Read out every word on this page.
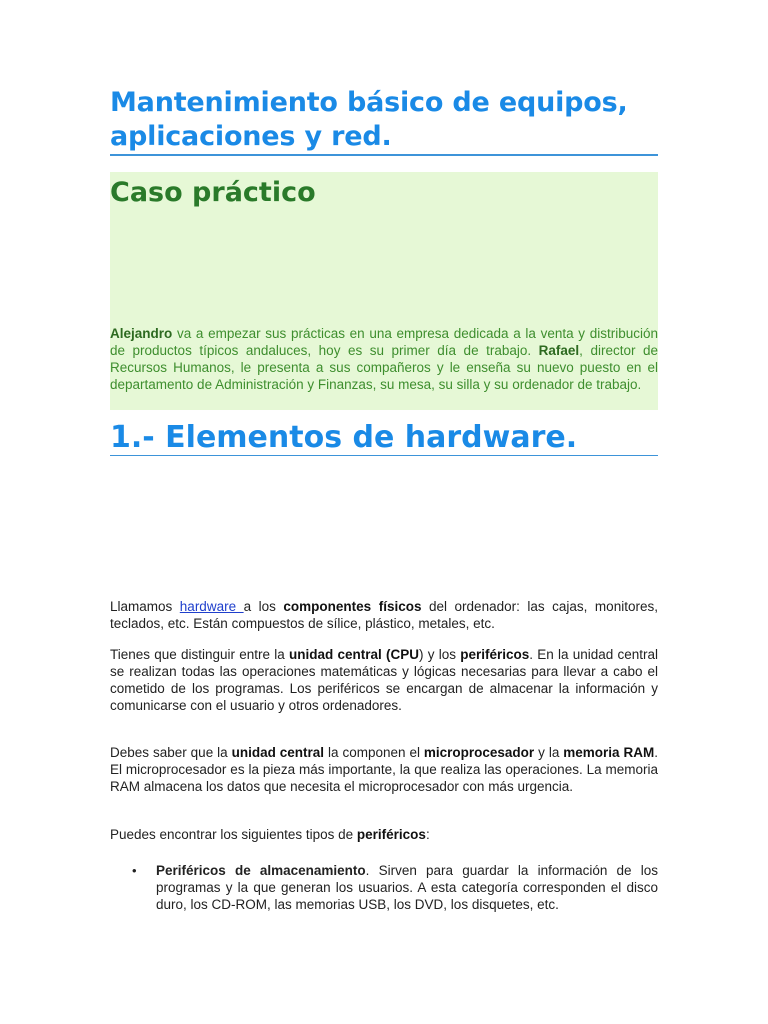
Mantenimiento básico de equipos, aplicaciones y red.
Caso práctico

Alejandro va a empezar sus prácticas en una empresa dedicada a la venta y distribución de productos típicos andaluces, hoy es su primer día de trabajo. Rafael, director de Recursos Humanos, le presenta a sus compañeros y le enseña su nuevo puesto en el departamento de Administración y Finanzas, su mesa, su silla y su ordenador de trabajo.

1.- Elementos de hardware.

Llamamos hardware a los componentes físicos del ordenador: las cajas, monitores, teclados, etc. Están compuestos de sílice, plástico, metales, etc.

Tienes que distinguir entre la unidad central (CPU) y los periféricos. En la unidad central se realizan todas las operaciones matemáticas y lógicas necesarias para llevar a cabo el cometido de los programas. Los periféricos se encargan de almacenar la información y comunicarse con el usuario y otros ordenadores.

Debes saber que la unidad central la componen el microprocesador y la memoria RAM. El microprocesador es la pieza más importante, la que realiza las operaciones. La memoria RAM almacena los datos que necesita el microprocesador con más urgencia.

Puedes encontrar los siguientes tipos de periféricos:

• Periféricos de almacenamiento. Sirven para guardar la información de los programas y la que generan los usuarios. A esta categoría corresponden el disco duro, los CD-ROM, las memorias USB, los DVD, los disquetes, etc.
